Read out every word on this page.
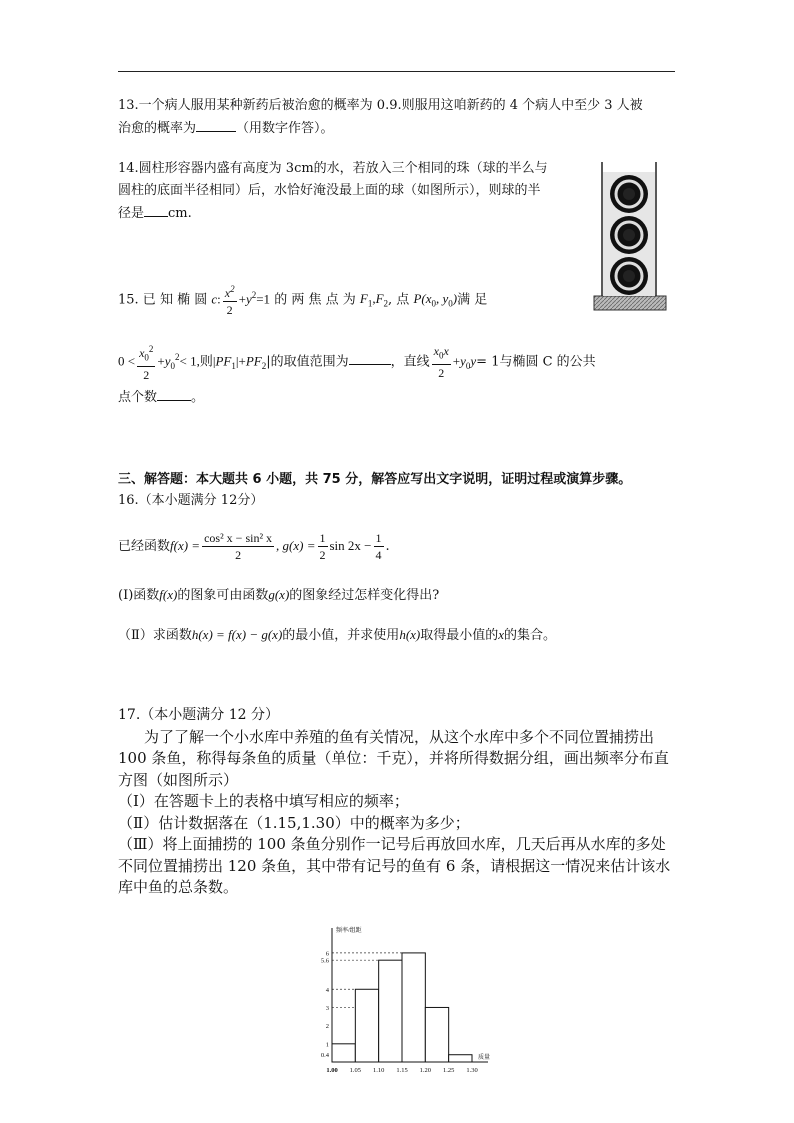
13.一个病人服用某种新药后被治愈的概率为 0.9.则服用这咱新药的 4 个病人中至少 3 人被
治愈的概率为	（用数字作答）。
14.圆柱形容器内盛有高度为 3cm的水，若放入三个相同的珠（球的半么与
圆柱的底面半径相同）后，水恰好淹没最上面的球（如图所示），则球的半
径是 cm.
15. 已 知 椭 圆 c: $\frac{x^2}{2} +y^2=1$ 的 两 焦 点 为 $F_1,F_2$, 点 $P(x_0$, $y_0$)满 足
$0 < \frac{x_0^2}{2} +y_0^2< 1$,则$|PF_1|+PF_2|$的取值范围为	，直线 $\frac{x_0x}{2} +y_0y= 1$与椭圆 C 的公共
点个数	。
三、解答题：本大题共 6 小题，共 75 分，解答应写出文字说明，证明过程或演算步骤。
16.（本小题满分 12分）
已经函数$f(x) = \frac{\text{cos² x − sin² x}}{2}$ , $g(x) = \frac{1}{2}$ $\sin 2x - \frac{1}{4}$ .
(Ⅰ)函数f(x)的图象可由函数g(x)的图象经过怎样变化得出?
（Ⅱ）求函数h(x) = f(x) − g(x)的最小值，并求使用h(x)取得最小值的x的集合。
17.（本小题满分 12 分）
为了了解一个小水库中养殖的鱼有关情况，从这个水库中多个不同位置捕捞出 100 条鱼，称得每条鱼的质量（单位：千克），并将所得数据分组，画出频率分布直方图（如图所示）
（Ⅰ）在答题卡上的表格中填写相应的频率；
（Ⅱ）估计数据落在（1.15,1.30）中的概率为多少；
（Ⅲ）将上面捕捞的 100 条鱼分别作一记号后再放回水库，几天后再从水库的多处不同位置捕捞出 120 条鱼，其中带有记号的鱼有 6 条，请根据这一情况来估计该水库中鱼的总条数。
0.4
1
2
3
4
5.6
6
1.00 1.05 1.10 1.15 1.20 1.25 1.30
频率/组距
质量
